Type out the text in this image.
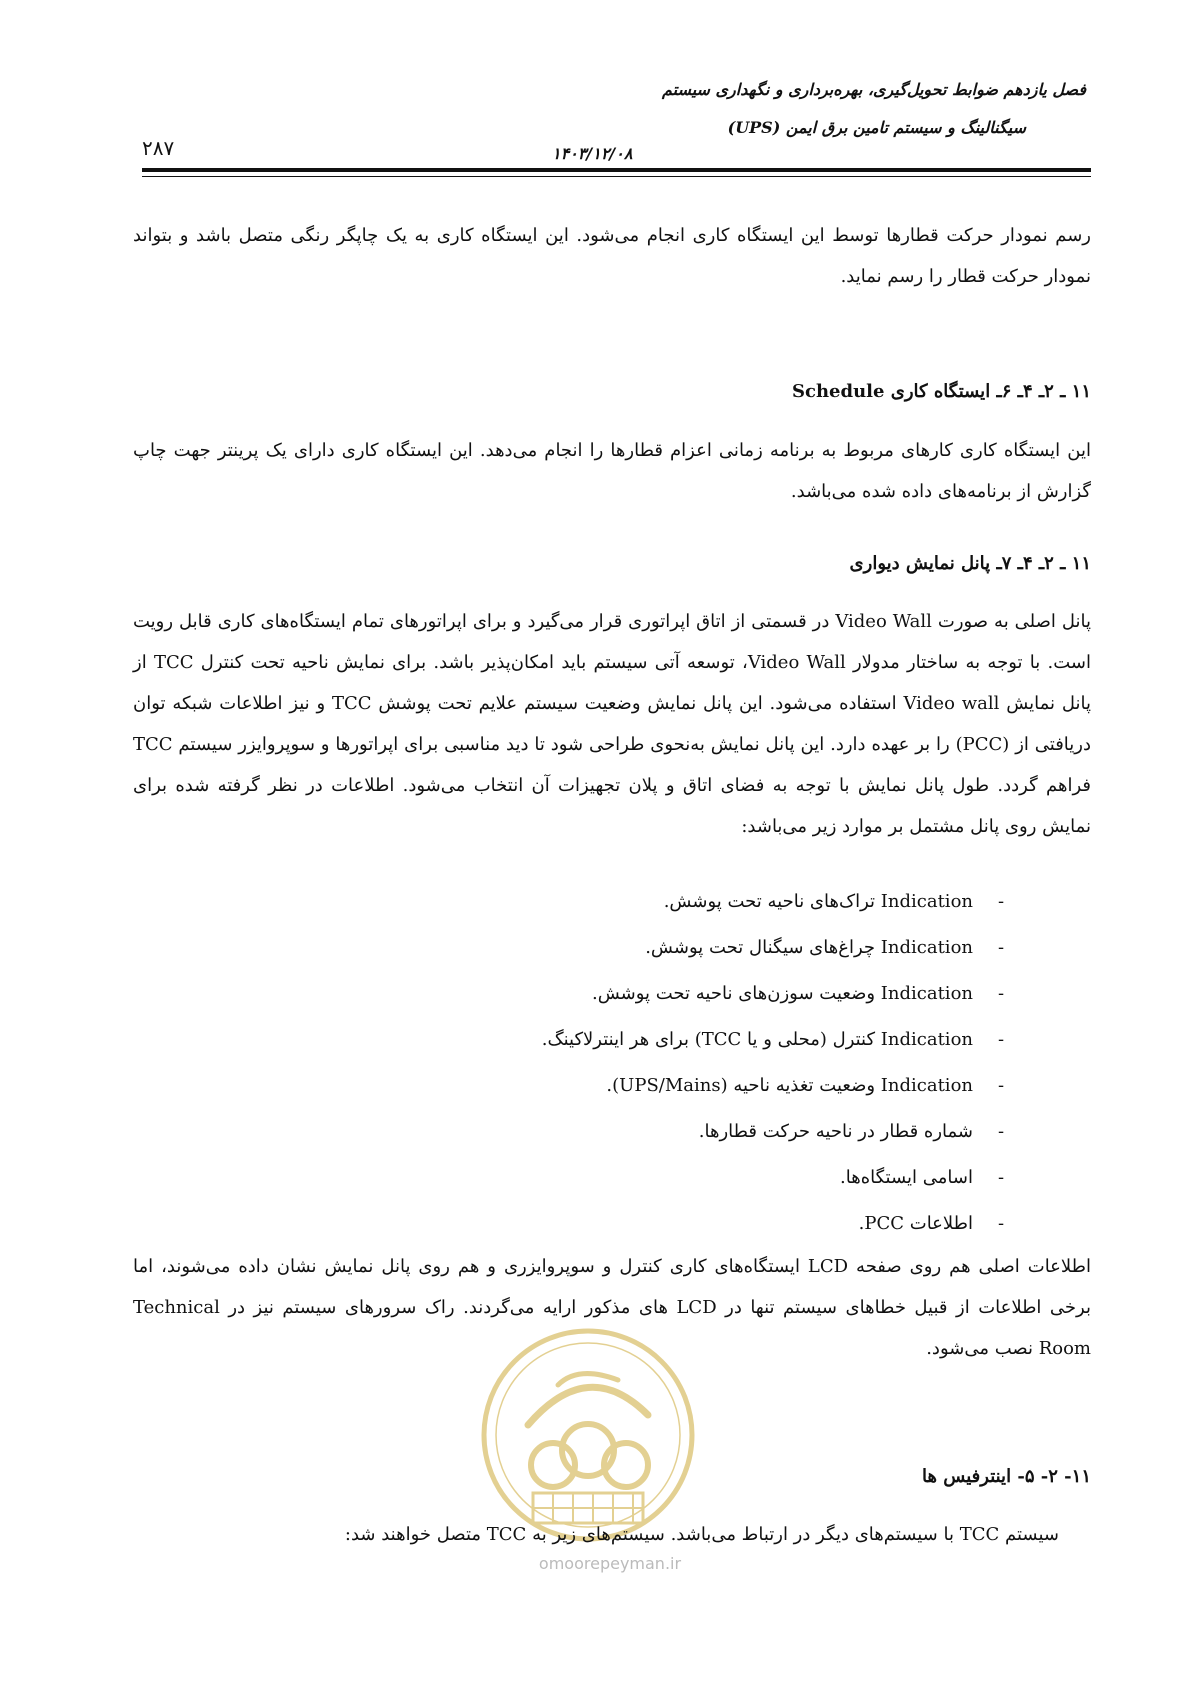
فصل یازدهم ضوابط تحویل‌گیری، بهره‌برداری و نگهداری سیستم
سیگنالینگ و سیستم تامین برق ایمن (UPS)
۲۸۷	۱۴۰۳/۱۲/۰۸

رسم نمودار حرکت قطارها توسط این ایستگاه کاری انجام می‌شود. این ایستگاه کاری به یک چاپگر رنگی متصل باشد و بتواند نمودار حرکت قطار را رسم نماید.

۱۱ ـ ۲ـ ۴ـ ۶ـ ایستگاه کاری Schedule

این ایستگاه کاری کارهای مربوط به برنامه زمانی اعزام قطارها را انجام می‌دهد. این ایستگاه کاری دارای یک پرینتر جهت چاپ گزارش از برنامه‌های داده شده می‌باشد.

۱۱ ـ ۲ـ ۴ـ ۷ـ پانل نمایش دیواری

پانل اصلی به صورت Video Wall در قسمتی از اتاق اپراتوری قرار می‌گیرد و برای اپراتورهای تمام ایستگاه‌های کاری قابل رویت است. با توجه به ساختار مدولار Video Wall، توسعه آتی سیستم باید امکان‌پذیر باشد. برای نمایش ناحیه تحت کنترل TCC از پانل نمایش Video wall استفاده می‌شود. این پانل نمایش وضعیت سیستم علایم تحت پوشش TCC و نیز اطلاعات شبکه توان دریافتی از (PCC) را بر عهده دارد. این پانل نمایش به‌نحوی طراحی شود تا دید مناسبی برای اپراتورها و سوپروایزر سیستم TCC فراهم گردد. طول پانل نمایش با توجه به فضای اتاق و پلان تجهیزات آن انتخاب می‌شود. اطلاعات در نظر گرفته شده برای نمایش روی پانل مشتمل بر موارد زیر می‌باشد:

-
Indication تراک‌های ناحیه تحت پوشش.
-
Indication چراغ‌های سیگنال تحت پوشش.
-
Indication وضعیت سوزن‌های ناحیه تحت پوشش.
-
Indication کنترل (محلی و یا TCC) برای هر اینترلاکینگ.
-
Indication وضعیت تغذیه ناحیه (UPS/Mains).
-
شماره قطار در ناحیه حرکت قطارها.
-
اسامی ایستگاه‌ها.
-
اطلاعات PCC.

اطلاعات اصلی هم روی صفحه LCD ایستگاه‌های کاری کنترل و سوپروایزری و هم روی پانل نمایش نشان داده می‌شوند، اما برخی اطلاعات از قبیل خطاهای سیستم تنها در LCD های مذکور ارایه می‌گردند. راک سرورهای سیستم نیز در Technical Room نصب می‌شود.

۱۱- ۲- ۵- اینترفیس ها

سیستم TCC با سیستم‌های دیگر در ارتباط می‌باشد. سیستم‌های زیر به TCC متصل خواهند شد:

omoorepeyman.ir
